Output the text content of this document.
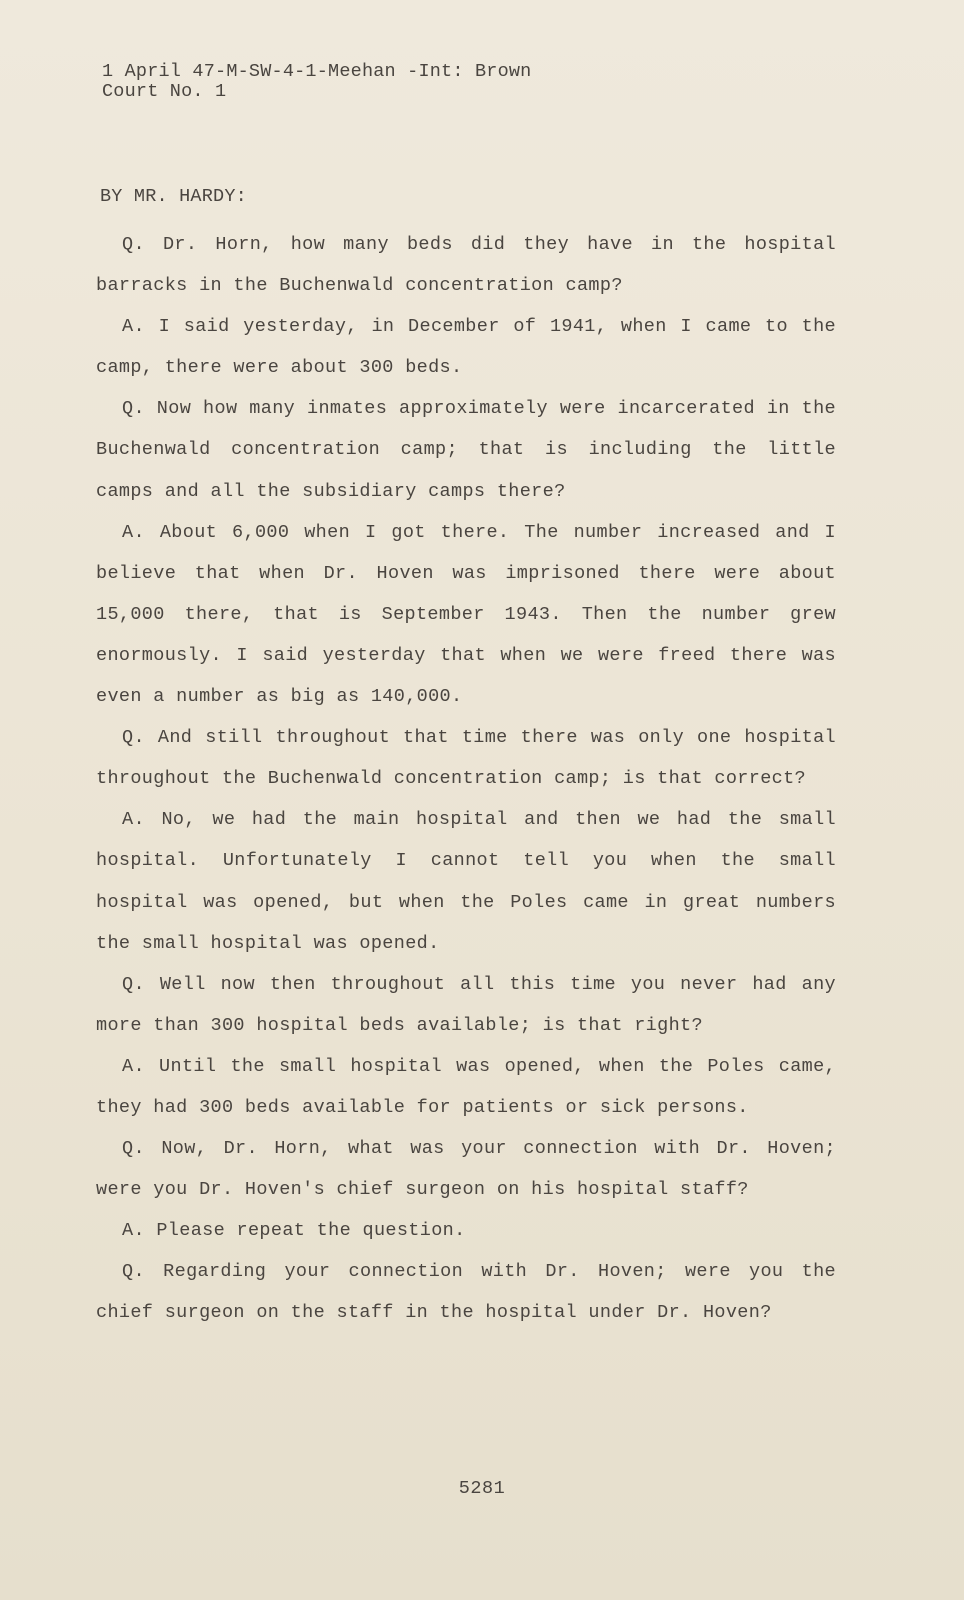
1 April 47-M-SW-4-1-Meehan -Int: Brown
Court No. 1
BY MR. HARDY:

Q. Dr. Horn, how many beds did they have in the hospital barracks in the Buchenwald concentration camp?

A. I said yesterday, in December of 1941, when I came to the camp, there were about 300 beds.

Q. Now how many inmates approximately were incarcerated in the Buchenwald concentration camp; that is including the little camps and all the subsidiary camps there?

A. About 6,000 when I got there. The number increased and I believe that when Dr. Hoven was imprisoned there were about 15,000 there, that is September 1943. Then the number grew enormously. I said yesterday that when we were freed there was even a number as big as 140,000.

Q. And still throughout that time there was only one hospital throughout the Buchenwald concentration camp; is that correct?

A. No, we had the main hospital and then we had the small hospital. Unfortunately I cannot tell you when the small hospital was opened, but when the Poles came in great numbers the small hospital was opened.

Q. Well now then throughout all this time you never had any more than 300 hospital beds available; is that right?

A. Until the small hospital was opened, when the Poles came, they had 300 beds available for patients or sick persons.

Q. Now, Dr. Horn, what was your connection with Dr. Hoven; were you Dr. Hoven's chief surgeon on his hospital staff?

A. Please repeat the question.

Q. Regarding your connection with Dr. Hoven; were you the chief surgeon on the staff in the hospital under Dr. Hoven?

5281
